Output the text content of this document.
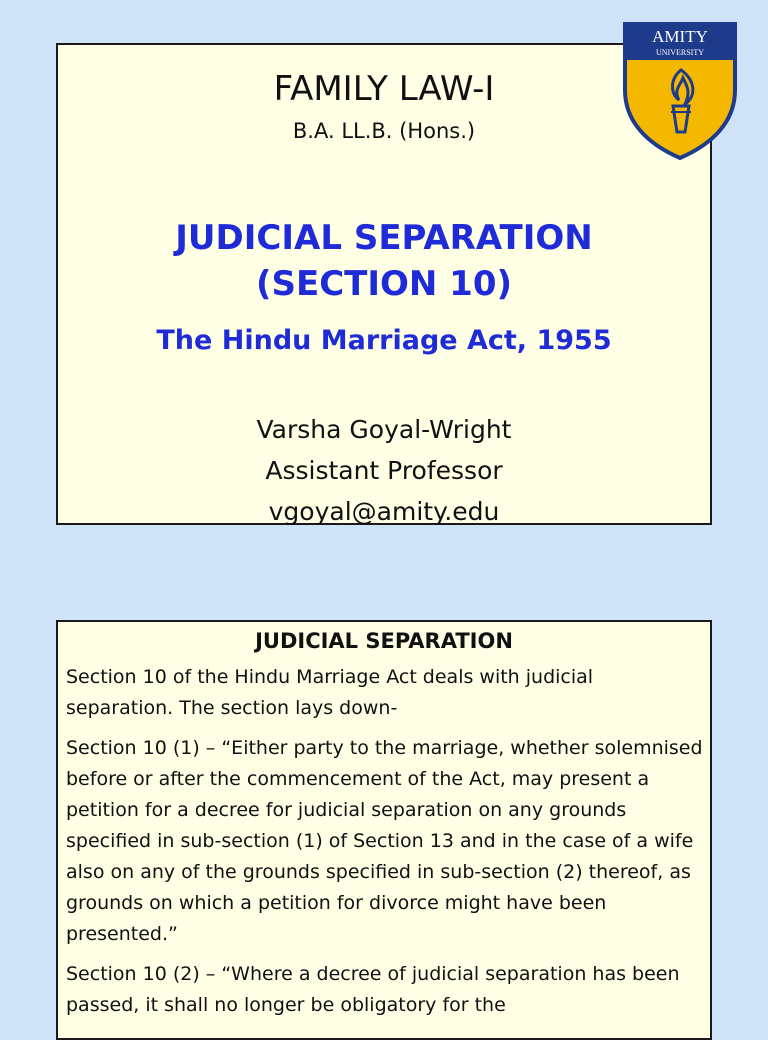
FAMILY LAW-I
B.A. LL.B. (Hons.)
JUDICIAL SEPARATION
(SECTION 10)
The Hindu Marriage Act, 1955
Varsha Goyal-Wright
Assistant Professor
vgoyal@amity.edu
AMITY
UNIVERSITY
JUDICIAL SEPARATION

Section 10 of the Hindu Marriage Act deals with judicial separation. The section lays down-

Section 10 (1) – “Either party to the marriage, whether solemnised before or after the commencement of the Act, may present a petition for a decree for judicial separation on any grounds specified in sub-section (1) of Section 13 and in the case of a wife also on any of the grounds specified in sub-section (2) thereof, as grounds on which a petition for divorce might have been presented.”

Section 10 (2) – “Where a decree of judicial separation has been passed, it shall no longer be obligatory for the
